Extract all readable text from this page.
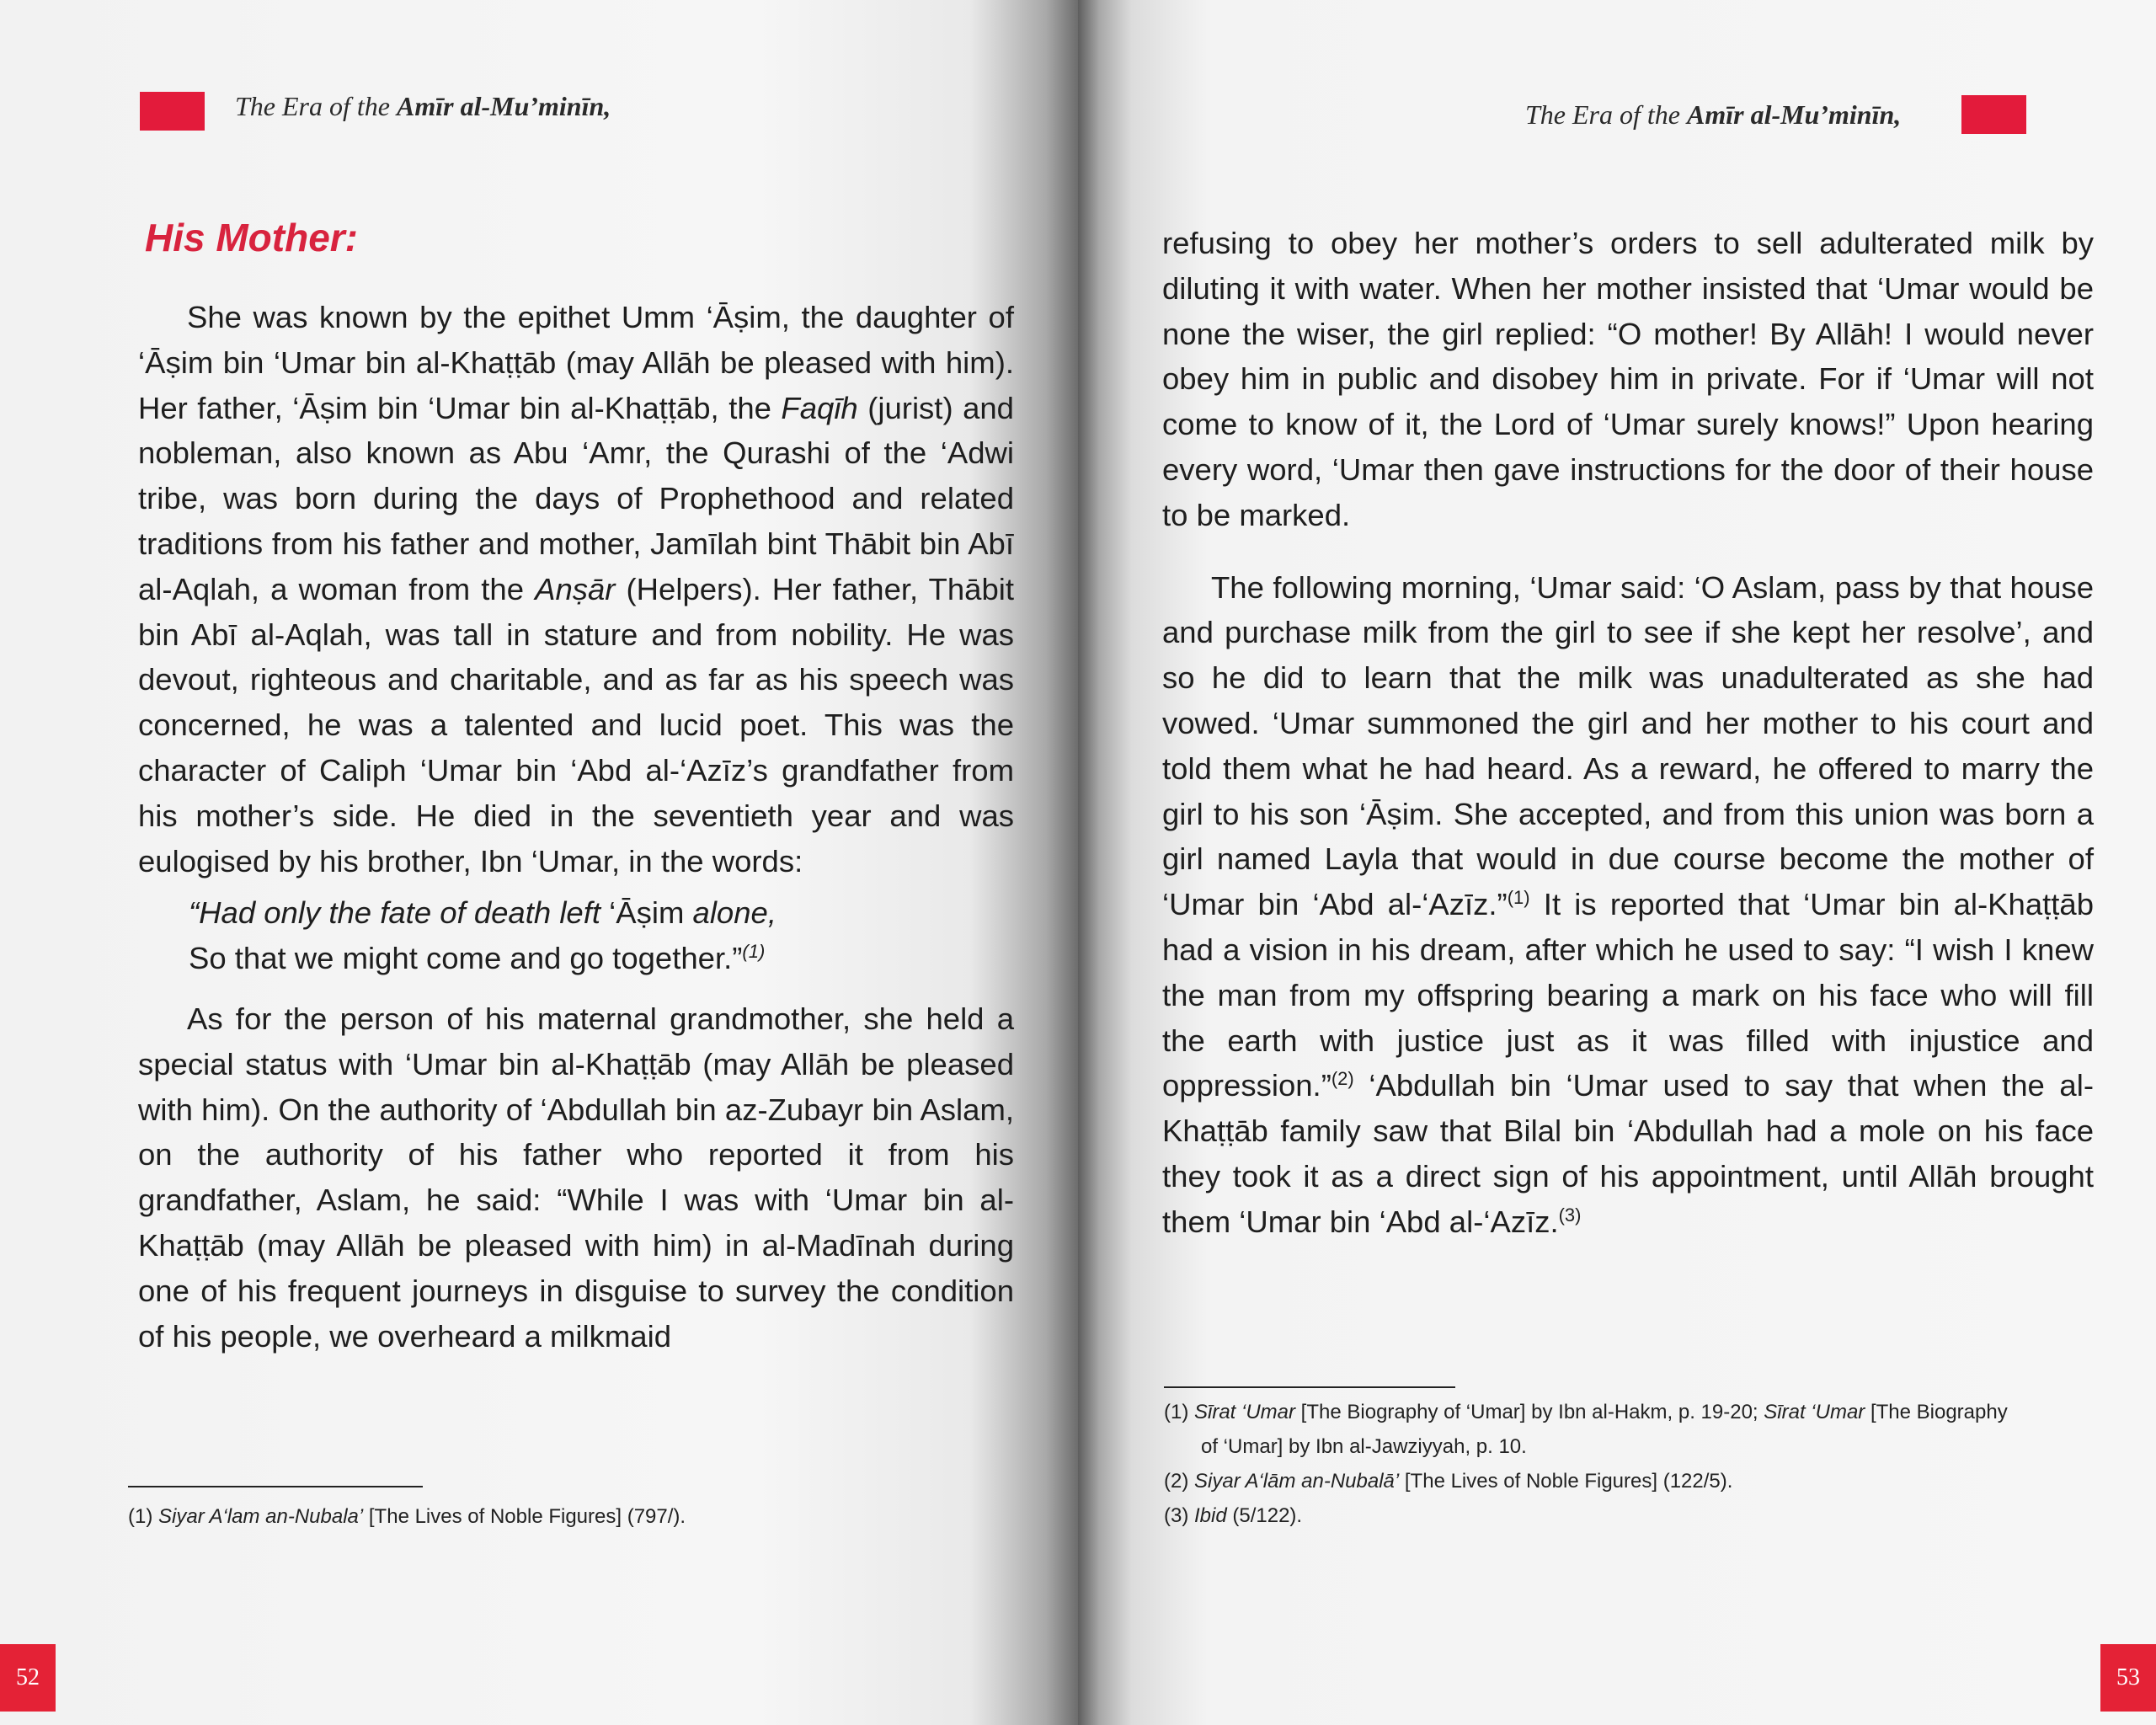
The Era of the Amīr al-Mu’minīn,
His Mother:

She was known by the epithet Umm ‘Āṣim, the daughter of ‘Āṣim bin ‘Umar bin al-Khaṭṭāb (may Allāh be pleased with him). Her father, ‘Āṣim bin ‘Umar bin al-Khaṭṭāb, the Faqīh (jurist) and nobleman, also known as Abu ‘Amr, the Qurashi of the ‘Adwi tribe, was born during the days of Prophethood and related traditions from his father and mother, Jamīlah bint Thābit bin Abī al-Aqlah, a woman from the Anṣār (Helpers). Her father, Thābit bin Abī al-Aqlah, was tall in stature and from nobility. He was devout, righteous and charitable, and as far as his speech was concerned, he was a talented and lucid poet. This was the character of Caliph ‘Umar bin ‘Abd al-‘Azīz’s grandfather from his mother’s side. He died in the seventieth year and was eulogised by his brother, Ibn ‘Umar, in the words:

“Had only the fate of death left ‘Āṣim alone,
So that we might come and go together.”$^{(1)}$

As for the person of his maternal grandmother, she held a special status with ‘Umar bin al-Khaṭṭāb (may Allāh be pleased with him). On the authority of ‘Abdullah bin az-Zubayr bin Aslam, on the authority of his father who reported it from his grandfather, Aslam, he said: “While I was with ‘Umar bin al-Khaṭṭāb (may Allāh be pleased with him) in al-Madīnah during one of his frequent journeys in disguise to survey the condition of his people, we overheard a milkmaid

(1) Siyar A‘lam an-Nubala’ [The Lives of Noble Figures] (797/).
52
The Era of the Amīr al-Mu’minīn,

refusing to obey her mother’s orders to sell adulterated milk by diluting it with water. When her mother insisted that ‘Umar would be none the wiser, the girl replied: “O mother! By Allāh! I would never obey him in public and disobey him in private. For if ‘Umar will not come to know of it, the Lord of ‘Umar surely knows!” Upon hearing every word, ‘Umar then gave instructions for the door of their house to be marked.

The following morning, ‘Umar said: ‘O Aslam, pass by that house and purchase milk from the girl to see if she kept her resolve’, and so he did to learn that the milk was unadulterated as she had vowed. ‘Umar summoned the girl and her mother to his court and told them what he had heard. As a reward, he offered to marry the girl to his son ‘Āṣim. She accepted, and from this union was born a girl named Layla that would in due course become the mother of ‘Umar bin ‘Abd al-‘Azīz.”$^{(1)}$ It is reported that ‘Umar bin al-Khaṭṭāb had a vision in his dream, after which he used to say: “I wish I knew the man from my offspring bearing a mark on his face who will fill the earth with justice just as it was filled with injustice and oppression.”$^{(2)}$ ‘Abdullah bin ‘Umar used to say that when the al-Khaṭṭāb family saw that Bilal bin ‘Abdullah had a mole on his face they took it as a direct sign of his appointment, until Allāh brought them ‘Umar bin ‘Abd al-‘Azīz.$^{(3)}$

(1) Sīrat ‘Umar [The Biography of ‘Umar] by Ibn al-Hakm, p. 19-20; Sīrat ‘Umar [The Biography
of ‘Umar] by Ibn al-Jawziyyah, p. 10.
(2) Siyar A‘lām an-Nubalā’ [The Lives of Noble Figures] (122/5).
(3) Ibid (5/122).
53
